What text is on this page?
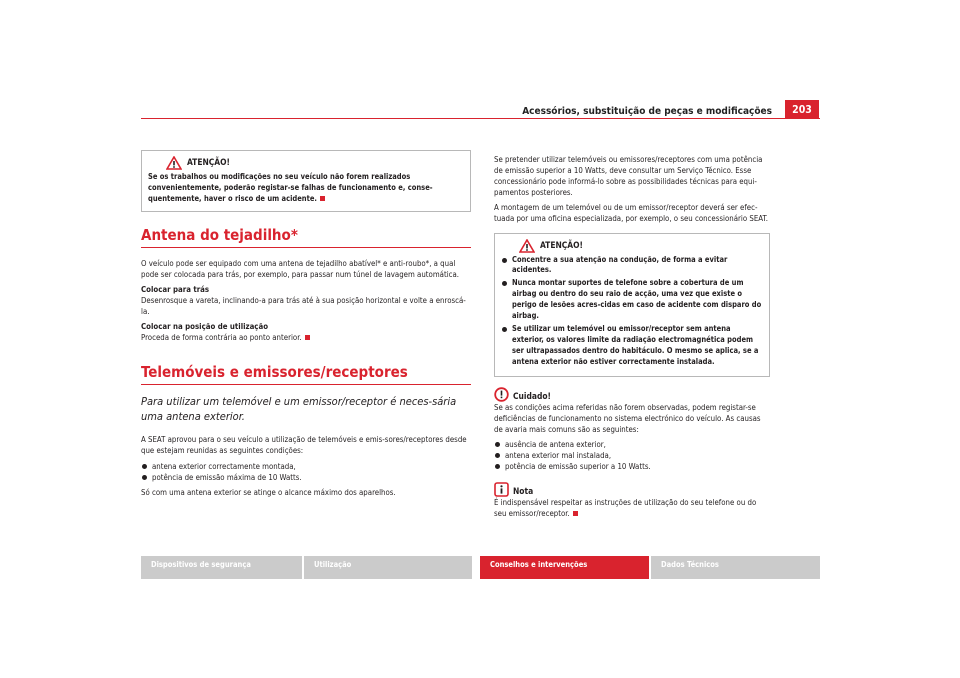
Acessórios, substituição de peças e modificações	203
ATENÇÃO!
Se os trabalhos ou modificações no seu veículo não forem realizados convenientemente, poderão registar-se falhas de funcionamento e, conse-quentemente, haver o risco de um acidente.
Antena do tejadilho*

O veículo pode ser equipado com uma antena de tejadilho abatível* e anti-roubo*, a qual pode ser colocada para trás, por exemplo, para passar num túnel de lavagem automática.

Colocar para trás

Desenrosque a vareta, inclinando-a para trás até à sua posição horizontal e volte a enroscá-la.

Colocar na posição de utilização

Proceda de forma contrária ao ponto anterior.

Telemóveis e emissores/receptores

Para utilizar um telemóvel e um emissor/receptor é neces-sária uma antena exterior.

A SEAT aprovou para o seu veículo a utilização de telemóveis e emis-sores/receptores desde que estejam reunidas as seguintes condições:

antena exterior correctamente montada,
potência de emissão máxima de 10 Watts.

Só com uma antena exterior se atinge o alcance máximo dos aparelhos.

Se pretender utilizar telemóveis ou emissores/receptores com uma potência de emissão superior a 10 Watts, deve consultar um Serviço Técnico. Esse concessionário pode informá-lo sobre as possibilidades técnicas para equi-pamentos posteriores.

A montagem de um telemóvel ou de um emissor/receptor deverá ser efec-tuada por uma oficina especializada, por exemplo, o seu concessionário SEAT.

ATENÇÃO!
Concentre a sua atenção na condução, de forma a evitar acidentes.
Nunca montar suportes de telefone sobre a cobertura de um airbag ou dentro do seu raio de acção, uma vez que existe o perigo de lesões acres-cidas em caso de acidente com disparo do airbag.
Se utilizar um telemóvel ou emissor/receptor sem antena exterior, os valores limite da radiação electromagnética podem ser ultrapassados dentro do habitáculo. O mesmo se aplica, se a antena exterior não estiver correctamente instalada.
Cuidado!

Se as condições acima referidas não forem observadas, podem registar-se deficiências de funcionamento no sistema electrónico do veículo. As causas de avaria mais comuns são as seguintes:

ausência de antena exterior,
antena exterior mal instalada,
potência de emissão superior a 10 Watts.
Nota

É indispensável respeitar as instruções de utilização do seu telefone ou do seu emissor/receptor.

Dispositivos de segurança	Utilização	Conselhos e intervenções	Dados Técnicos
